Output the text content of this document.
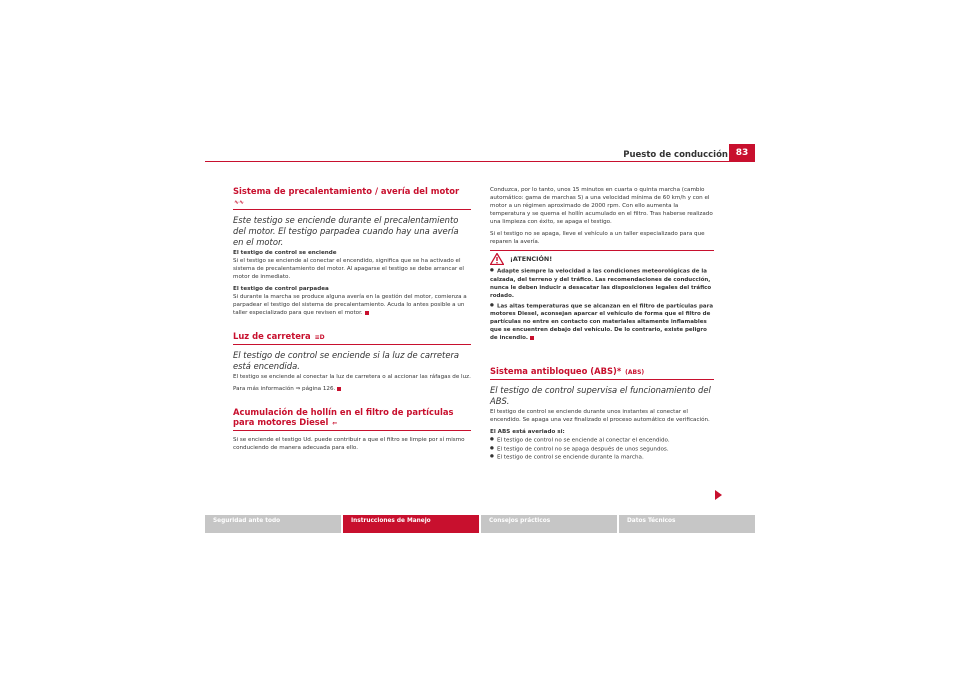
Puesto de conducción 83
Sistema de precalentamiento / avería del motor ∿∿
Este testigo se enciende durante el precalentamiento del motor. El testigo parpadea cuando hay una avería en el motor.

El testigo de control se enciende

Si el testigo se enciende al conectar el encendido, significa que se ha activado el sistema de precalentamiento del motor. Al apagarse el testigo se debe arrancar el motor de inmediato.

El testigo de control parpadea

Si durante la marcha se produce alguna avería en la gestión del motor, comienza a parpadear el testigo del sistema de precalentamiento. Acuda lo antes posible a un taller especializado para que revisen el motor.

Luz de carretera ≡D
El testigo de control se enciende si la luz de carretera está encendida.

El testigo se enciende al conectar la luz de carretera o al accionar las ráfagas de luz.

Para más información ⇒ página 126.

Acumulación de hollín en el filtro de partículas para motores Diesel ⇐

Si se enciende el testigo Ud. puede contribuir a que el filtro se limpie por sí mismo conduciendo de manera adecuada para ello.

Conduzca, por lo tanto, unos 15 minutos en cuarta o quinta marcha (cambio automático: gama de marchas S) a una velocidad mínima de 60 km/h y con el motor a un régimen aproximado de 2000 rpm. Con ello aumenta la temperatura y se quema el hollín acumulado en el filtro. Tras haberse realizado una limpieza con éxito, se apaga el testigo.

Si el testigo no se apaga, lleve el vehículo a un taller especializado para que reparen la avería.

¡ATENCIÓN!

● Adapte siempre la velocidad a las condiciones meteorológicas de la calzada, del terreno y del tráfico. Las recomendaciones de conducción, nunca le deben inducir a desacatar las disposiciones legales del tráfico rodado.

● Las altas temperaturas que se alcanzan en el filtro de partículas para motores Diesel, aconsejan aparcar el vehículo de forma que el filtro de partículas no entre en contacto con materiales altamente inflamables que se encuentren debajo del vehículo. De lo contrario, existe peligro de incendio.

Sistema antibloqueo (ABS)* (ABS)
El testigo de control supervisa el funcionamiento del ABS.

El testigo de control se enciende durante unos instantes al conectar el encendido. Se apaga una vez finalizado el proceso automático de verificación.

El ABS está averiado si:

● El testigo de control no se enciende al conectar el encendido.
● El testigo de control no se apaga después de unos segundos.
● El testigo de control se enciende durante la marcha.
Seguridad ante todo	Instrucciones de Manejo	Consejos prácticos	Datos Técnicos
